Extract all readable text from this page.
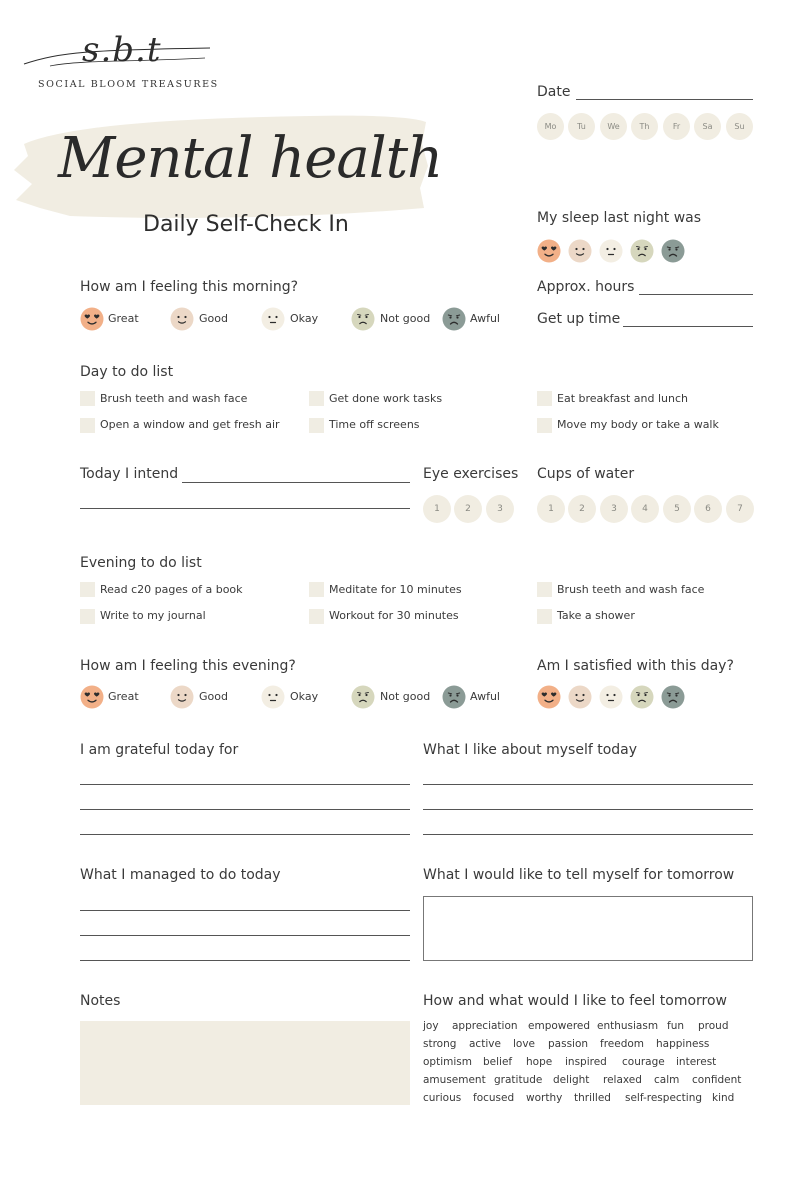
s.b.t
SOCIAL BLOOM TREASURES
Mental health
Daily Self-Check In
Date
Mo	Tu	We	Th	Fr	Sa	Su
My sleep last night was
Approx. hours
Get up time
How am I feeling this morning?
Great	Good	Okay	Not good	Awful
Day to do list
Brush teeth and wash face
Open a window and get fresh air
Get done work tasks
Time off screens
Eat breakfast and lunch
Move my body or take a walk
Today I intend	Eye exercises
1	2	3
Cups of water
1	2	3	4	5	6	7
Evening to do list
Read c20 pages of a book
Write to my journal
Meditate for 10 minutes
Workout for 30 minutes
Brush teeth and wash face
Take a shower
How am I feeling this evening?
Great	Good	Okay	Not good	Awful
Am I satisfied with this day?
I am grateful today for	What I like about myself today
What I managed to do today	What I would like to tell myself for tomorrow
Notes	How and what would I like to feel tomorrow
joy appreciation empowered enthusiasm fun proud
strong active love passion freedom happiness
optimism belief hope inspired courage interest
amusement gratitude delight relaxed calm confident
curious focused worthy thrilled self-respecting kind
